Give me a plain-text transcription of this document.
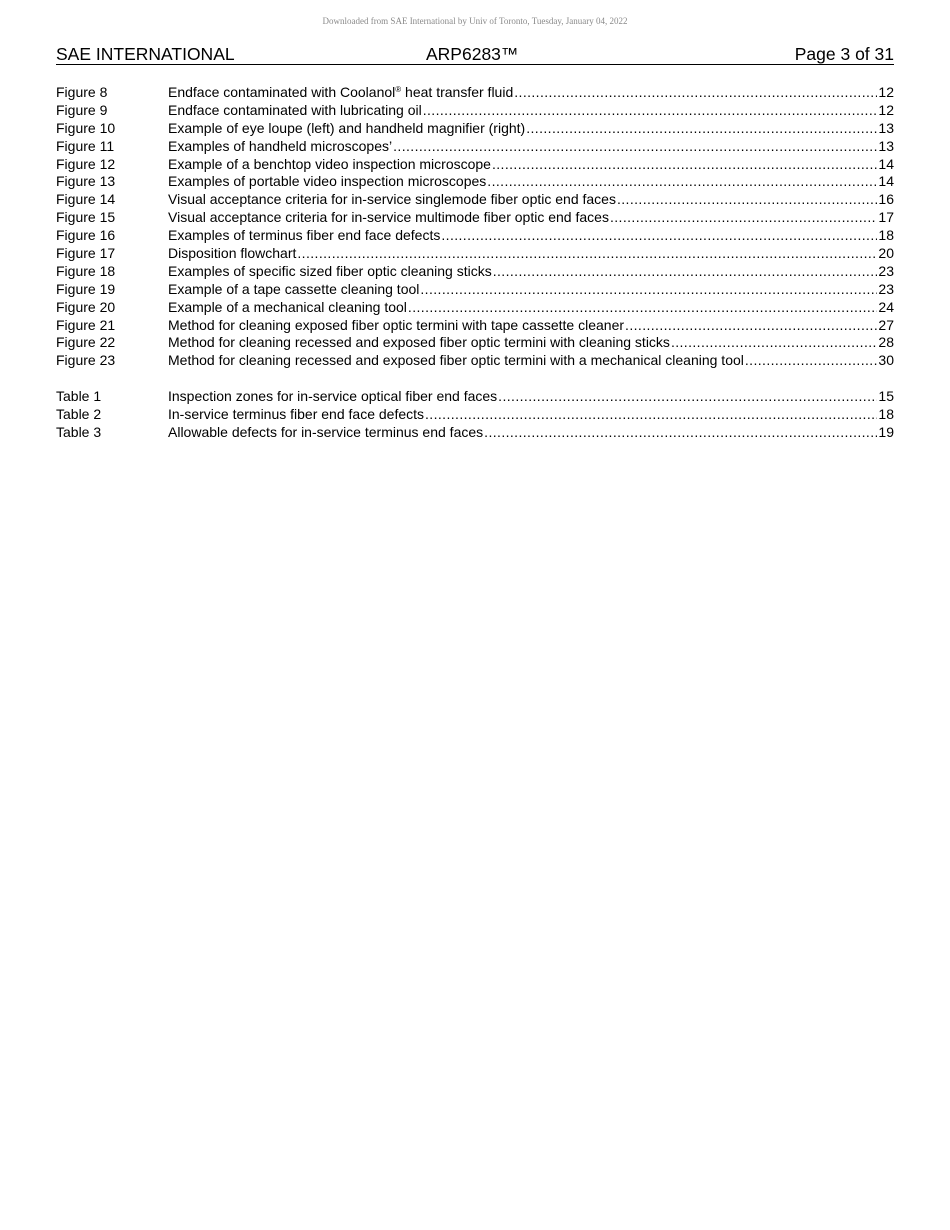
Downloaded from SAE International by Univ of Toronto, Tuesday, January 04, 2022
SAE INTERNATIONAL	ARP6283™	Page 3 of 31
Figure 8	Endface contaminated with Coolanol® heat transfer fluid .....	12
Figure 9	Endface contaminated with lubricating oil .....	12
Figure 10	Example of eye loupe (left) and handheld magnifier (right) .....	13
Figure 11	Examples of handheld microscopes’ .....	13
Figure 12	Example of a benchtop video inspection microscope .....	14
Figure 13	Examples of portable video inspection microscopes .....	14
Figure 14	Visual acceptance criteria for in-service singlemode fiber optic end faces .....	16
Figure 15	Visual acceptance criteria for in-service multimode fiber optic end faces .....	17
Figure 16	Examples of terminus fiber end face defects .....	18
Figure 17	Disposition flowchart .....	20
Figure 18	Examples of specific sized fiber optic cleaning sticks .....	23
Figure 19	Example of a tape cassette cleaning tool .....	23
Figure 20	Example of a mechanical cleaning tool .....	24
Figure 21	Method for cleaning exposed fiber optic termini with tape cassette cleaner .....	27
Figure 22	Method for cleaning recessed and exposed fiber optic termini with cleaning sticks .....	28
Figure 23	Method for cleaning recessed and exposed fiber optic termini with a mechanical cleaning tool .....	30
Table 1	Inspection zones for in-service optical fiber end faces .....	15
Table 2	In-service terminus fiber end face defects .....	18
Table 3	Allowable defects for in-service terminus end faces .....	19
